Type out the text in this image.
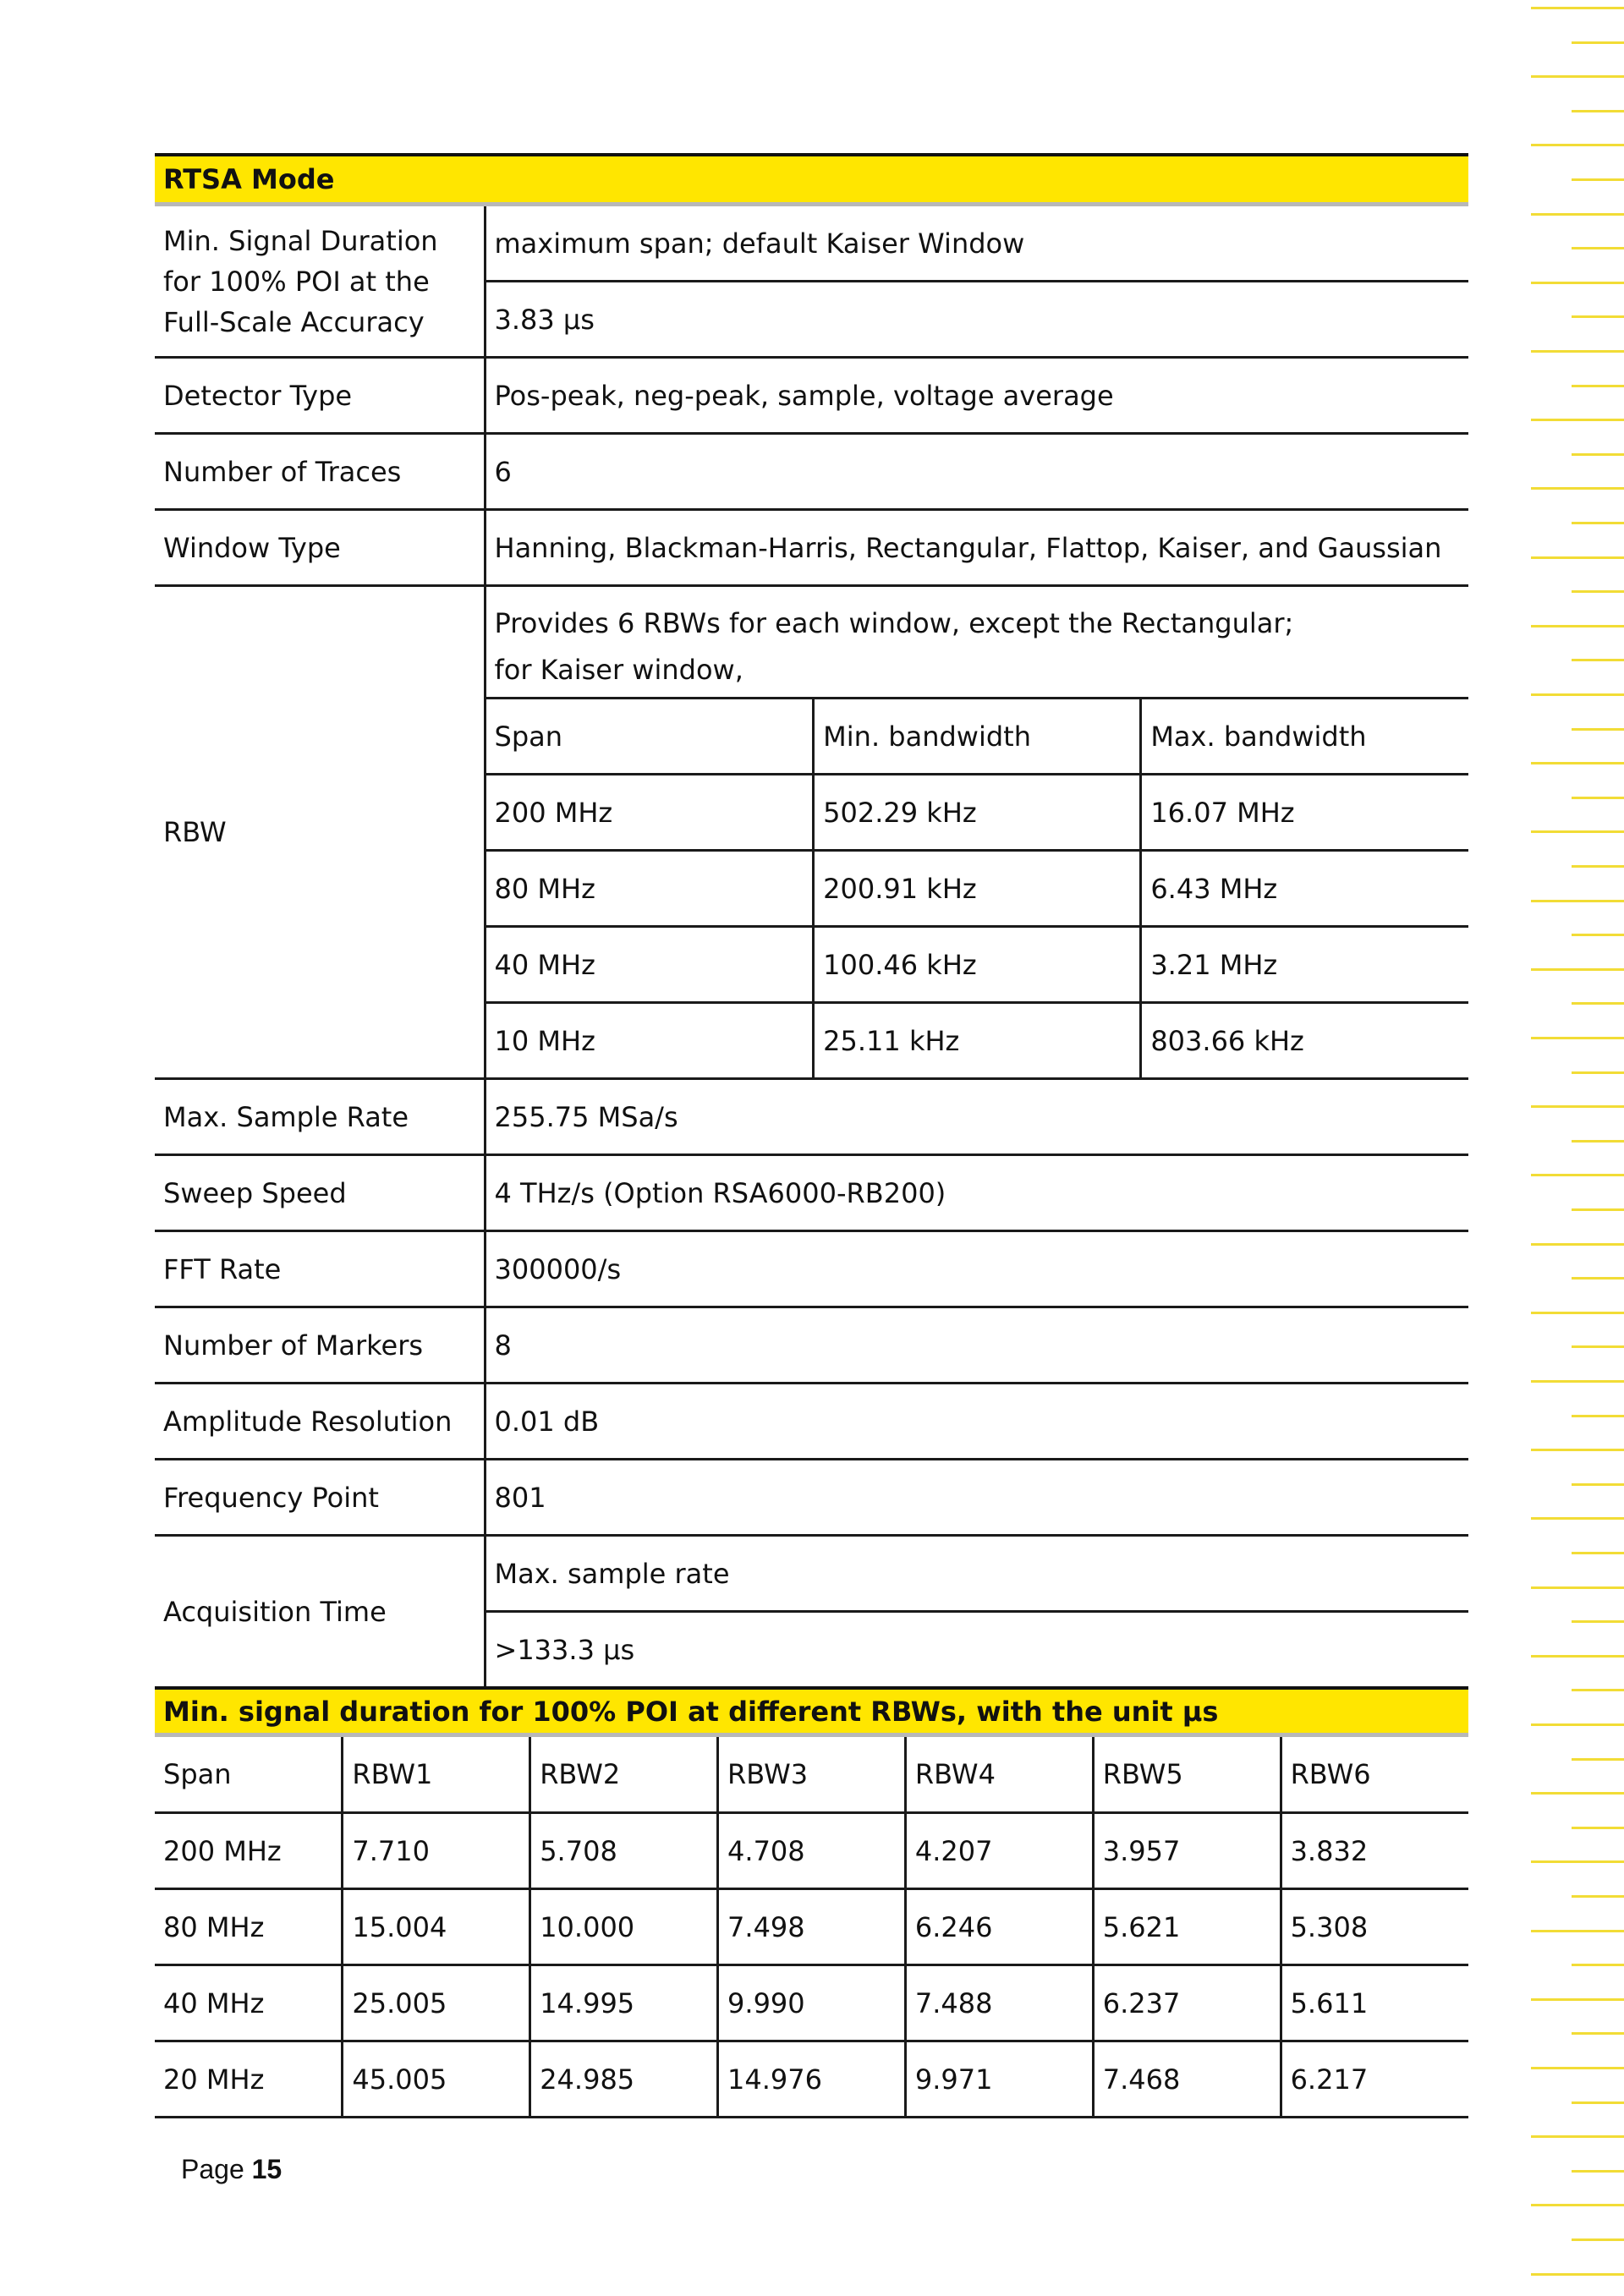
RTSA Mode
Min. Signal Duration for 100% POI at the Full-Scale Accuracy	maximum span; default Kaiser Window
3.83 μs
Detector Type	Pos-peak, neg-peak, sample, voltage average
Number of Traces	6
Window Type	Hanning, Blackman-Harris, Rectangular, Flattop, Kaiser, and Gaussian
RBW	
Provides 6 RBWs for each window, except the Rectangular;
for Kaiser window,
Span	Min. bandwidth	Max. bandwidth
200 MHz	502.29 kHz	16.07 MHz
80 MHz	200.91 kHz	6.43 MHz
40 MHz	100.46 kHz	3.21 MHz
10 MHz	25.11 kHz	803.66 kHz

Max. Sample Rate	255.75 MSa/s
Sweep Speed	4 THz/s (Option RSA6000-RB200)
FFT Rate	300000/s
Number of Markers	8
Amplitude Resolution	0.01 dB
Frequency Point	801
Acquisition Time	Max. sample rate
>133.3 μs
Min. signal duration for 100% POI at different RBWs, with the unit μs
Span	RBW1	RBW2	RBW3	RBW4	RBW5	RBW6
200 MHz	7.710	5.708	4.708	4.207	3.957	3.832
80 MHz	15.004	10.000	7.498	6.246	5.621	5.308
40 MHz	25.005	14.995	9.990	7.488	6.237	5.611
20 MHz	45.005	24.985	14.976	9.971	7.468	6.217
Page 15
